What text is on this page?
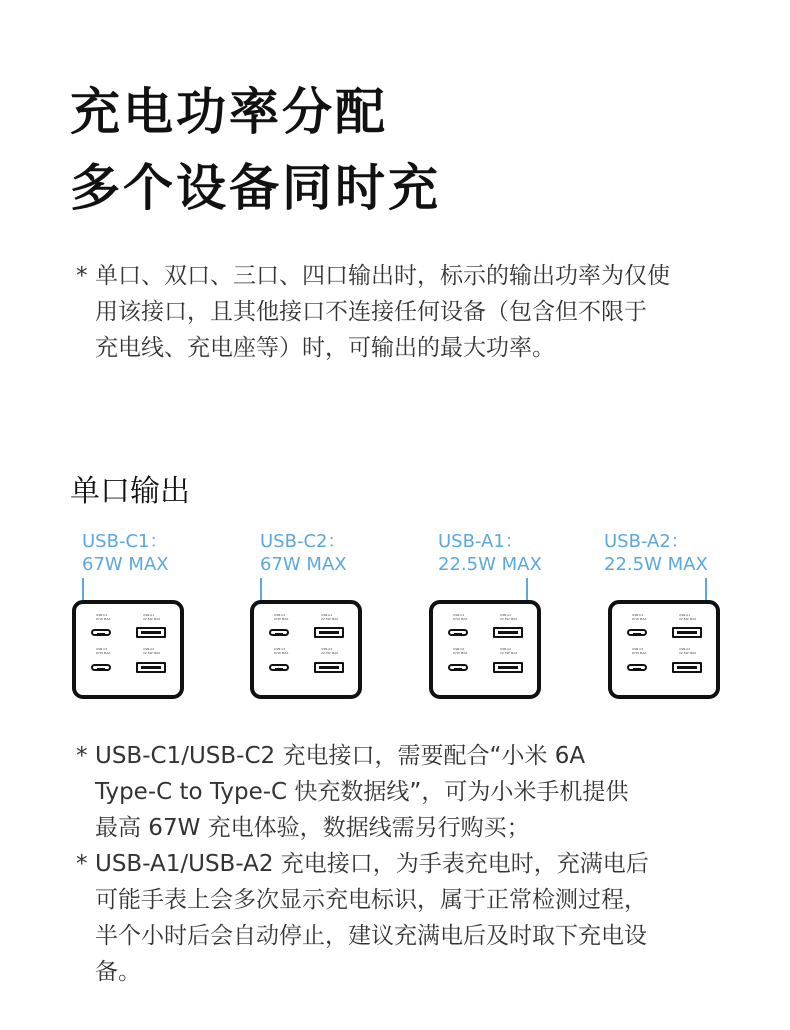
充电功率分配
多个设备同时充
* 单口、双口、三口、四口输出时，标示的输出功率为仅使
用该接口，且其他接口不连接任何设备（包含但不限于
充电线、充电座等）时，可输出的最大功率。
单口输出
USB-C1：
67W MAX
USB-C1
67W MAX
USB-A1
22.5W MAX
USB-C2
67W MAX
USB-A2
22.5W MAX
USB-C2：
67W MAX
USB-C1
67W MAX
USB-A1
22.5W MAX
USB-C2
67W MAX
USB-A2
22.5W MAX
USB-A1：
22.5W MAX
USB-C1
67W MAX
USB-A1
22.5W MAX
USB-C2
67W MAX
USB-A2
22.5W MAX
USB-A2：
22.5W MAX
USB-C1
67W MAX
USB-A1
22.5W MAX
USB-C2
67W MAX
USB-A2
22.5W MAX
* USB-C1/USB-C2 充电接口，需要配合“小米 6A
Type-C to Type-C 快充数据线”，可为小米手机提供
最高 67W 充电体验，数据线需另行购买；
* USB-A1/USB-A2 充电接口，为手表充电时，充满电后
可能手表上会多次显示充电标识，属于正常检测过程，
半个小时后会自动停止，建议充满电后及时取下充电设
备。
